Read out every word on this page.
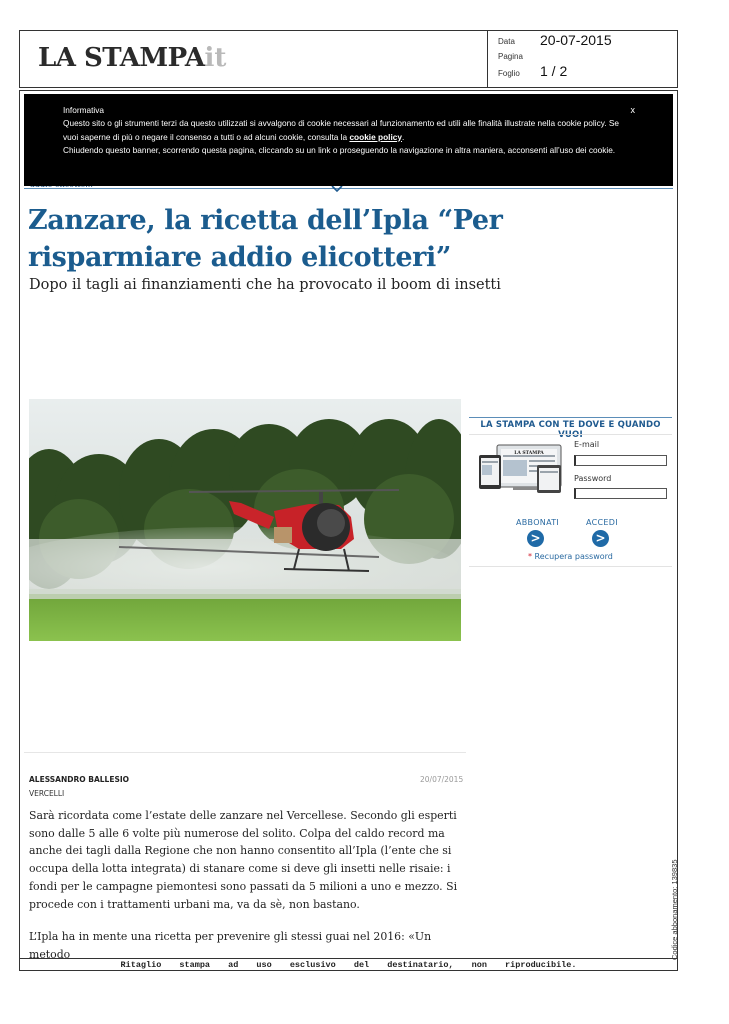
LA STAMPA it
Data 20-07-2015
Pagina
Foglio 1 / 2
Informativa
Questo sito o gli strumenti terzi da questo utilizzati si avvalgono di cookie necessari al funzionamento ed utili alle finalità illustrate nella cookie policy. Se vuoi saperne di più o negare il consenso a tutti o ad alcuni cookie, consulta la cookie policy.
Chiudendo questo banner, scorrendo questa pagina, cliccando su un link o proseguendo la navigazione in altra maniera, acconsenti all’uso dei cookie.
x
Zanzare, la ricetta dell’Ipla “Per risparmiare addio elicotteri”
Dopo il tagli ai finanziamenti che ha provocato il boom di insetti
LA STAMPA CON TE DOVE E QUANDO VUOI
LA STAMPA
E-mail
Password
ABBONATI
>
ACCEDI
>
* Recupera password
ALESSANDRO BALLESIO
VERCELLI
20/07/2015

Sarà ricordata come l’estate delle zanzare nel Vercellese. Secondo gli esperti sono dalle 5 alle 6 volte più numerose del solito. Colpa del caldo record ma anche dei tagli dalla Regione che non hanno consentito all’Ipla (l’ente che si occupa della lotta integrata) di stanare come si deve gli insetti nelle risaie: i fondi per le campagne piemontesi sono passati da 5 milioni a uno e mezzo. Si procede con i trattamenti urbani ma, va da sè, non bastano.

L’Ipla ha in mente una ricetta per prevenire gli stessi guai nel 2016: «Un metodo	Codice abbonamento: 139835
Ritaglio stampa ad uso esclusivo del destinatario, non riproducibile.
